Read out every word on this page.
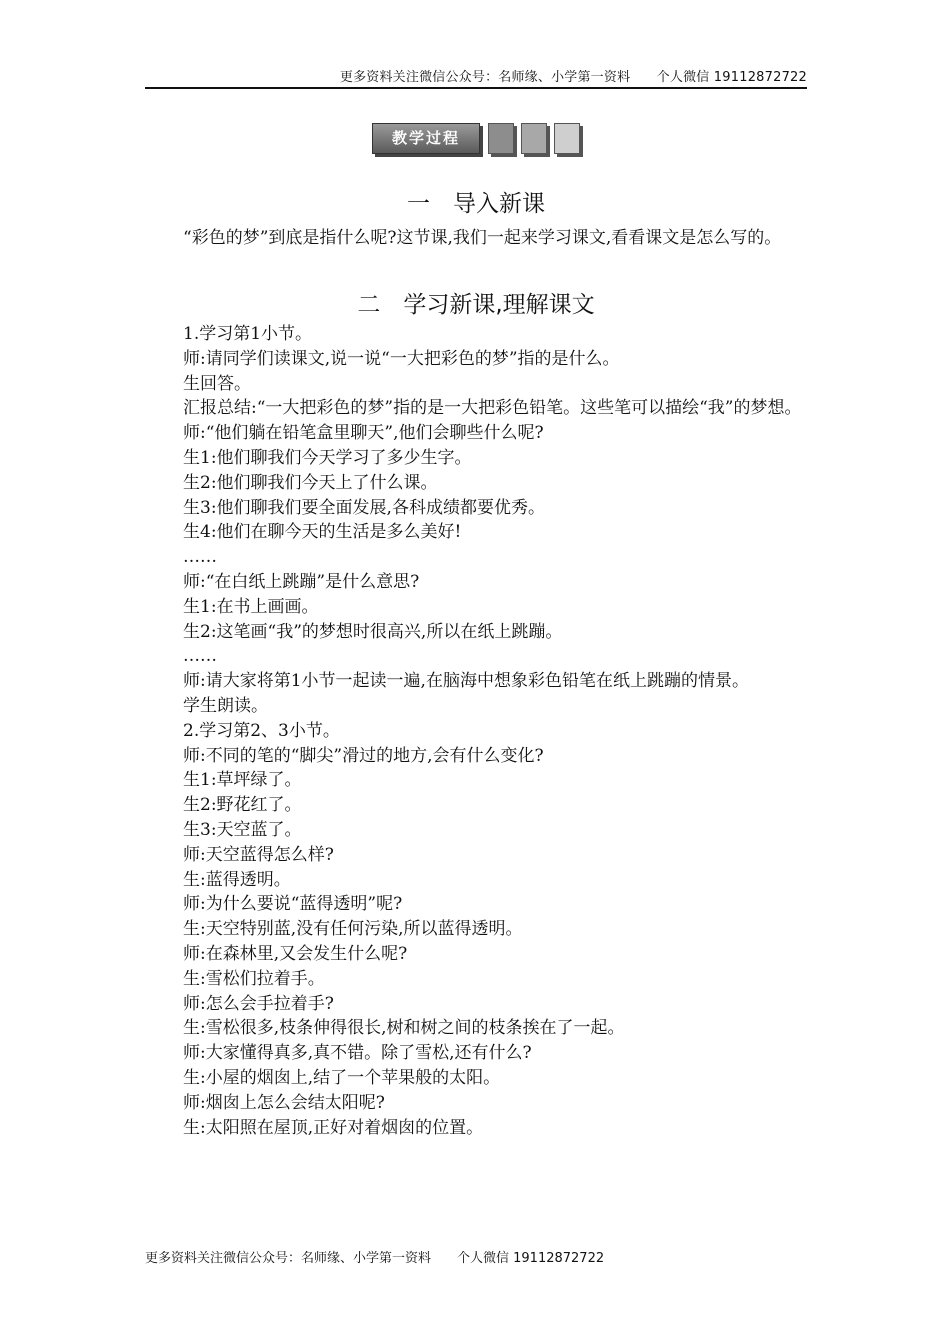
更多资料关注微信公众号：名师缘、小学第一资料　　个人微信 19112872722
教学过程
一　导入新课

“彩色的梦”到底是指什么呢?这节课,我们一起来学习课文,看看课文是怎么写的。

二　学习新课,理解课文
1.学习第1小节。
师:请同学们读课文,说一说“一大把彩色的梦”指的是什么。
生回答。
汇报总结:“一大把彩色的梦”指的是一大把彩色铅笔。这些笔可以描绘“我”的梦想。
师:“他们躺在铅笔盒里聊天”,他们会聊些什么呢?
生1:他们聊我们今天学习了多少生字。
生2:他们聊我们今天上了什么课。
生3:他们聊我们要全面发展,各科成绩都要优秀。
生4:他们在聊今天的生活是多么美好!
……
师:“在白纸上跳蹦”是什么意思?
生1:在书上画画。
生2:这笔画“我”的梦想时很高兴,所以在纸上跳蹦。
……
师:请大家将第1小节一起读一遍,在脑海中想象彩色铅笔在纸上跳蹦的情景。
学生朗读。
2.学习第2、3小节。
师:不同的笔的“脚尖”滑过的地方,会有什么变化?
生1:草坪绿了。
生2:野花红了。
生3:天空蓝了。
师:天空蓝得怎么样?
生:蓝得透明。
师:为什么要说“蓝得透明”呢?
生:天空特别蓝,没有任何污染,所以蓝得透明。
师:在森林里,又会发生什么呢?
生:雪松们拉着手。
师:怎么会手拉着手?
生:雪松很多,枝条伸得很长,树和树之间的枝条挨在了一起。
师:大家懂得真多,真不错。除了雪松,还有什么?
生:小屋的烟囱上,结了一个苹果般的太阳。
师:烟囱上怎么会结太阳呢?
生:太阳照在屋顶,正好对着烟囱的位置。
更多资料关注微信公众号：名师缘、小学第一资料　　个人微信 19112872722
